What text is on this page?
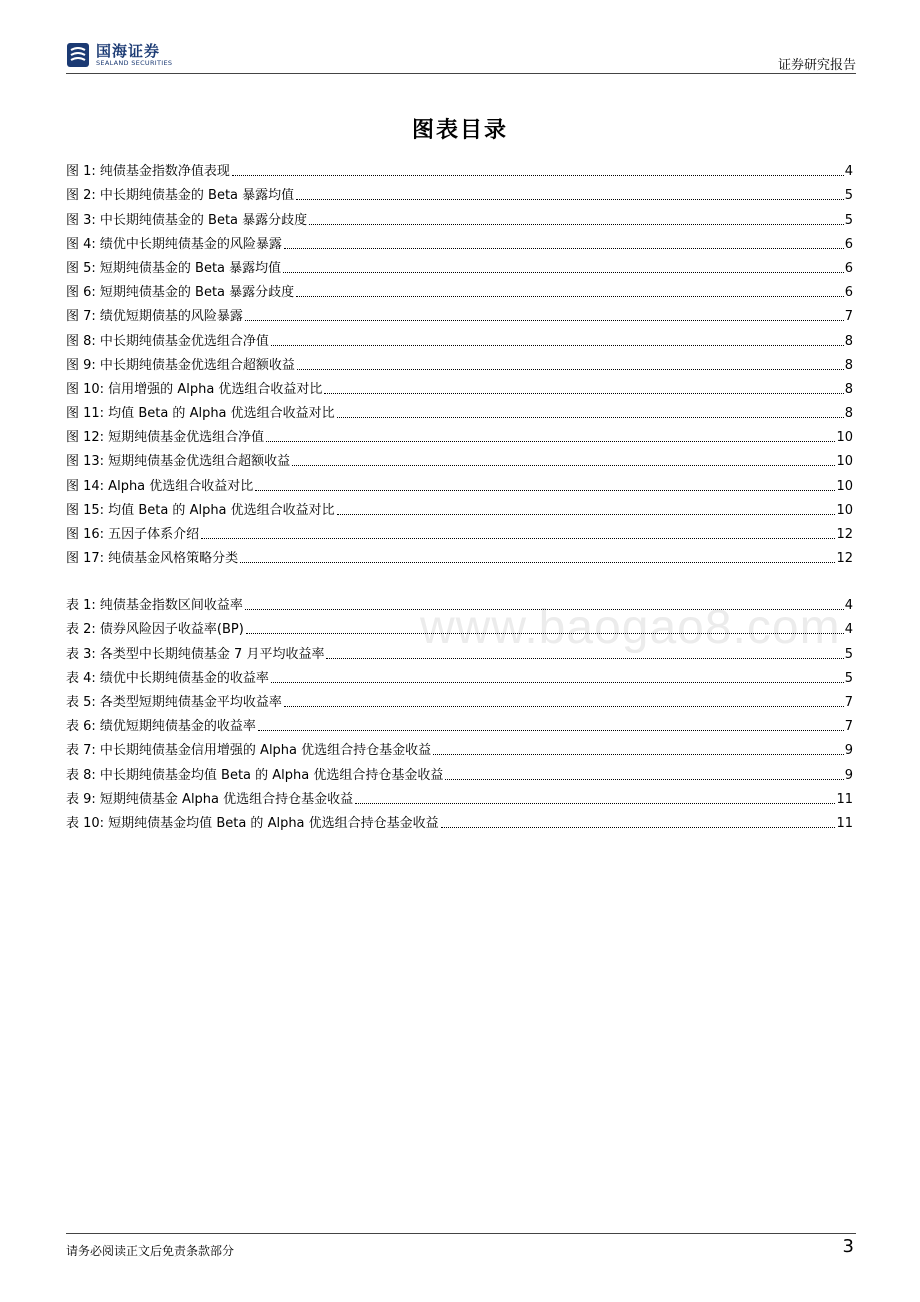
国海证券
SEALAND SECURITIES	证券研究报告
www.baogao8.com
图表目录
图 1: 纯债基金指数净值表现	4
图 2: 中长期纯债基金的 Beta 暴露均值	5
图 3: 中长期纯债基金的 Beta 暴露分歧度	5
图 4: 绩优中长期纯债基金的风险暴露	6
图 5: 短期纯债基金的 Beta 暴露均值	6
图 6: 短期纯债基金的 Beta 暴露分歧度	6
图 7: 绩优短期债基的风险暴露	7
图 8: 中长期纯债基金优选组合净值	8
图 9: 中长期纯债基金优选组合超额收益	8
图 10: 信用增强的 Alpha 优选组合收益对比	8
图 11: 均值 Beta 的 Alpha 优选组合收益对比	8
图 12: 短期纯债基金优选组合净值	10
图 13: 短期纯债基金优选组合超额收益	10
图 14: Alpha 优选组合收益对比	10
图 15: 均值 Beta 的 Alpha 优选组合收益对比	10
图 16: 五因子体系介绍	12
图 17: 纯债基金风格策略分类	12
表 1: 纯债基金指数区间收益率	4
表 2: 债券风险因子收益率(BP)	4
表 3: 各类型中长期纯债基金 7 月平均收益率	5
表 4: 绩优中长期纯债基金的收益率	5
表 5: 各类型短期纯债基金平均收益率	7
表 6: 绩优短期纯债基金的收益率	7
表 7: 中长期纯债基金信用增强的 Alpha 优选组合持仓基金收益	9
表 8: 中长期纯债基金均值 Beta 的 Alpha 优选组合持仓基金收益	9
表 9: 短期纯债基金 Alpha 优选组合持仓基金收益	11
表 10: 短期纯债基金均值 Beta 的 Alpha 优选组合持仓基金收益	11
请务必阅读正文后免责条款部分	3
